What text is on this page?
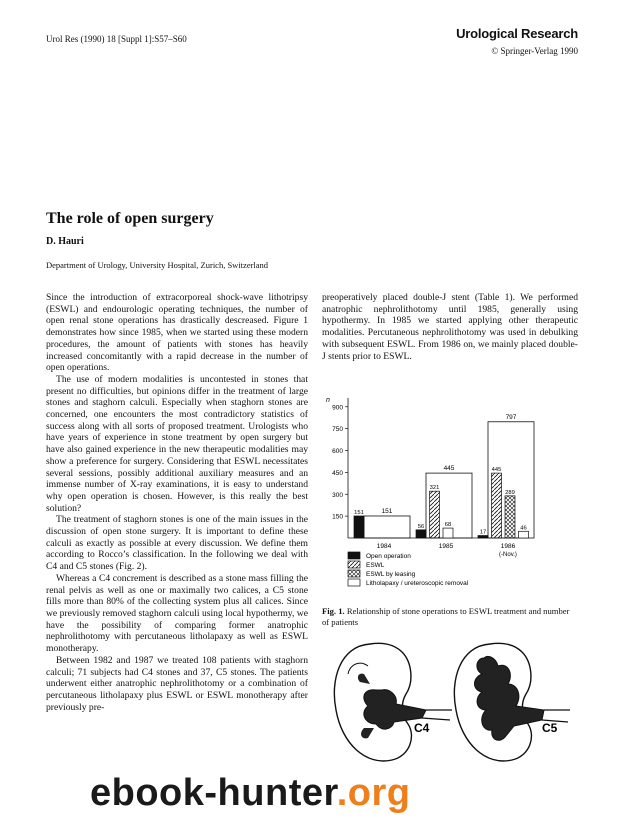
Urol Res (1990) 18 [Suppl 1]:S57–S60	Urological Research
© Springer-Verlag 1990
The role of open surgery
D. Hauri
Department of Urology, University Hospital, Zurich, Switzerland

Since the introduction of extracorporeal shock-wave lithotripsy (ESWL) and endourologic operating techniques, the number of open renal stone operations has drastically descreased. Figure 1 demonstrates how since 1985, when we started using these modern procedures, the amount of patients with stones has heavily increased concomitantly with a rapid decrease in the number of open operations.

The use of modern modalities is uncontested in stones that present no difficulties, but opinions differ in the treatment of large stones and staghorn calculi. Especially when staghorn stones are concerned, one encounters the most contradictory statistics of success along with all sorts of proposed treatment. Urologists who have years of experience in stone treatment by open surgery but have also gained experience in the new therapeutic modalities may show a preference for surgery. Considering that ESWL necessitates several sessions, possibly additional auxiliary measures and an immense number of X-ray examinations, it is easy to understand why open operation is chosen. However, is this really the best solution?

The treatment of staghorn stones is one of the main issues in the discussion of open stone surgery. It is important to define these calculi as exactly as possible at every discussion. We define them according to Rocco’s classification. In the following we deal with C4 and C5 stones (Fig. 2).

Whereas a C4 concrement is described as a stone mass filling the renal pelvis as well as one or maximally two calices, a C5 stone fills more than 80% of the collecting system plus all calices. Since we previously removed staghorn calculi using local hypothermy, we have the possibility of comparing former anatrophic nephrolithotomy with percutaneous litholapaxy as well as ESWL monotherapy.

Between 1982 and 1987 we treated 108 patients with staghorn calculi; 71 subjects had C4 stones and 37, C5 stones. The patients underwent either anatrophic nephrolithotomy or a combination of percutaneous litholapaxy plus ESWL or ESWL monotherapy after previously pre-

preoperatively placed double-J stent (Table 1). We performed anatrophic nephrolithotomy until 1985, generally using hypothermy. In 1985 we started applying other therapeutic modalities. Percutaneous nephrolithotomy was used in debulking with subsequent ESWL. From 1986 on, we mainly placed double-J stents prior to ESWL.

n
150
300
450
600
750
900
151
151
1984
445
56
321
68
1985
797
17
445
289
46
1986
(-Nov.)
Open operation
ESWL
ESWL by leasing
Litholapaxy / ureteroscopic removal
Fig. 1. Relationship of stone operations to ESWL treatment and number of patients
C4	C5
ebook-hunter.org
